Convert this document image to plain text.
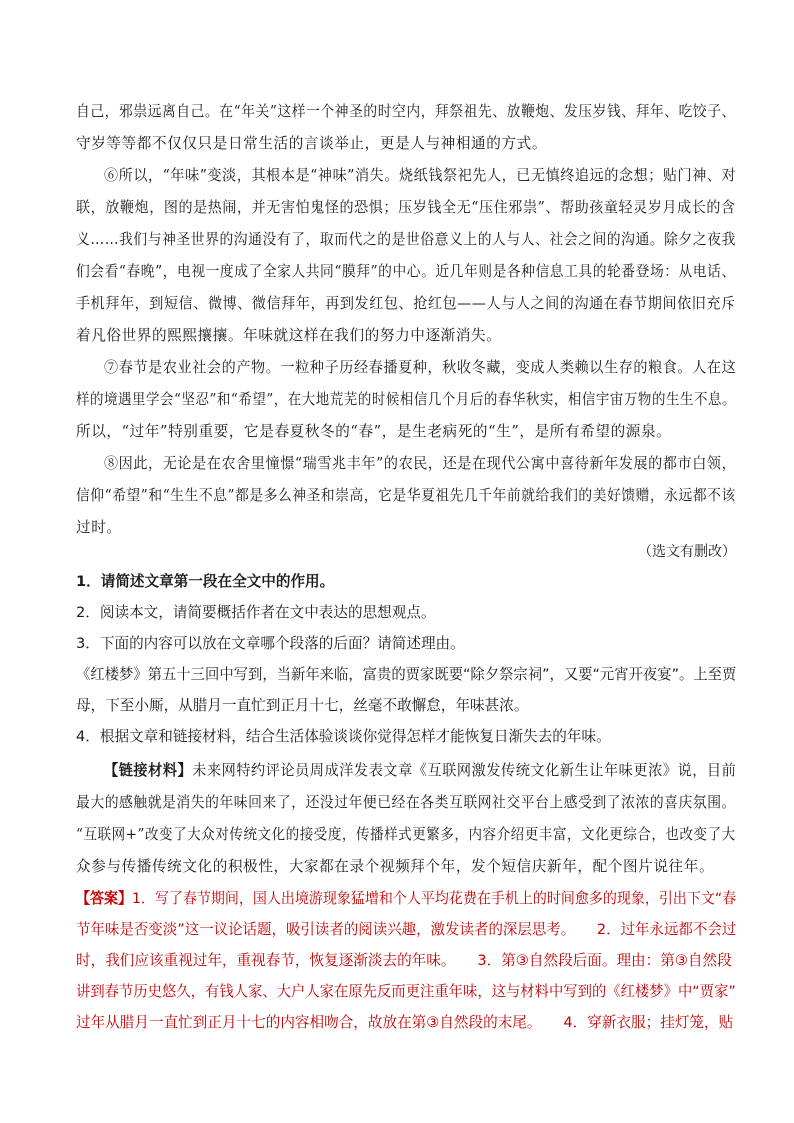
自己，邪祟远离自己。在“年关”这样一个神圣的时空内，拜祭祖先、放鞭炮、发压岁钱、拜年、吃饺子、
守岁等等都不仅仅只是日常生活的言谈举止，更是人与神相通的方式。
⑥所以，“年味”变淡，其根本是“神味”消失。烧纸钱祭祀先人，已无慎终追远的念想；贴门神、对
联，放鞭炮，图的是热闹，并无害怕鬼怪的恐惧；压岁钱全无“压住邪祟”、帮助孩童轻灵岁月成长的含
义……我们与神圣世界的沟通没有了，取而代之的是世俗意义上的人与人、社会之间的沟通。除夕之夜我
们会看“春晚”，电视一度成了全家人共同“膜拜”的中心。近几年则是各种信息工具的轮番登场：从电话、
手机拜年，到短信、微博、微信拜年，再到发红包、抢红包——人与人之间的沟通在春节期间依旧充斥
着凡俗世界的熙熙攘攘。年味就这样在我们的努力中逐渐消失。
⑦春节是农业社会的产物。一粒种子历经春播夏种，秋收冬藏，变成人类赖以生存的粮食。人在这
样的境遇里学会“坚忍”和“希望”，在大地荒芜的时候相信几个月后的春华秋实，相信宇宙万物的生生不息。
所以，“过年”特别重要，它是春夏秋冬的“春”，是生老病死的“生”，是所有希望的源泉。
⑧因此，无论是在农舍里憧憬“瑞雪兆丰年”的农民，还是在现代公寓中喜待新年发展的都市白领，
信仰“希望”和“生生不息”都是多么神圣和崇高，它是华夏祖先几千年前就给我们的美好馈赠，永远都不该
过时。
（选文有删改）
1．请简述文章第一段在全文中的作用。
2．阅读本文，请简要概括作者在文中表达的思想观点。
3．下面的内容可以放在文章哪个段落的后面？请简述理由。
《红楼梦》第五十三回中写到，当新年来临，富贵的贾家既要“除夕祭宗祠”，又要“元宵开夜宴”。上至贾
母，下至小厮，从腊月一直忙到正月十七，丝毫不敢懈怠，年味甚浓。
4．根据文章和链接材料，结合生活体验谈谈你觉得怎样才能恢复日渐失去的年味。
【链接材料】未来网特约评论员周成洋发表文章《互联网激发传统文化新生让年味更浓》说，目前
最大的感触就是消失的年味回来了，还没过年便已经在各类互联网社交平台上感受到了浓浓的喜庆氛围。
“互联网+”改变了大众对传统文化的接受度，传播样式更繁多，内容介绍更丰富，文化更综合，也改变了大
众参与传播传统文化的积极性，大家都在录个视频拜个年，发个短信庆新年，配个图片说往年。
【答案】1．写了春节期间，国人出境游现象猛增和个人平均花费在手机上的时间愈多的现象，引出下文“春
节年味是否变淡”这一议论话题，吸引读者的阅读兴趣，激发读者的深层思考。　　2．过年永远都不会过
时，我们应该重视过年，重视春节，恢复逐渐淡去的年味。　　3．第③自然段后面。理由：第③自然段
讲到春节历史悠久，有钱人家、大户人家在原先反而更注重年味，这与材料中写到的《红楼梦》中“贾家”
过年从腊月一直忙到正月十七的内容相吻合，故放在第③自然段的末尾。　　4．穿新衣服；挂灯笼，贴
